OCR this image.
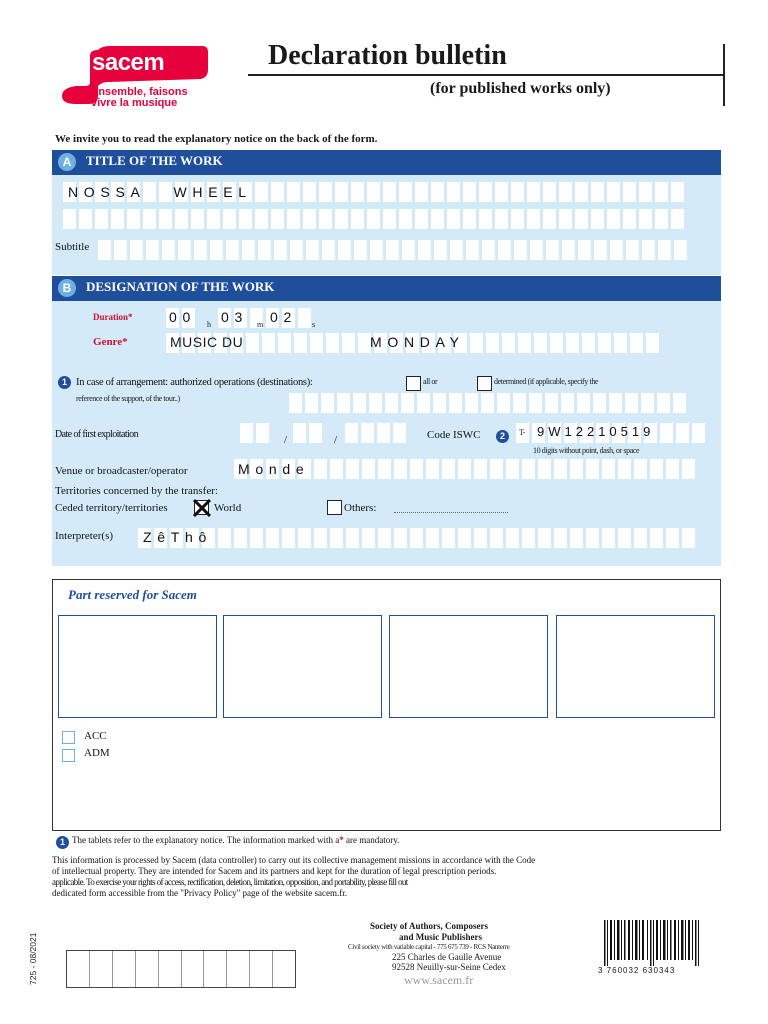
sacem
Ensemble, faisons
vivre la musique
Declaration bulletin
(for published works only)
We invite you to read the explanatory notice on the back of the form.
A	TITLE OF THE WORK
NOSSA   WHEEL
Subtitle
B	DESIGNATION OF THE WORK
Duration*	00 h 03 m 02 s
Genre*	MUSIC DU	MONDAY
1 In case of arrangement: authorized operations (destinations):	all or	determined (if applicable, specify the
reference of the support, of the tour..)
Date of first exploitation	/	/	Code ISWC	2	T- 9W12210519
10 digits without point, dash, or space
Venue or broadcaster/operator	Monde
Territories concerned by the transfer:
Ceded territory/territories	World	Others:
Interpreter(s) ZêThô
Part reserved for Sacem
ACC
ADM
1 The tablets refer to the explanatory notice. The information marked with a* are mandatory.
This information is processed by Sacem (data controller) to carry out its collective management missions in accordance with the Code
of intellectual property. They are intended for Sacem and its partners and kept for the duration of legal prescription periods.
applicable. To exercise your rights of access, rectification, deletion, limitation, opposition, and portability, please fill out
dedicated form accessible from the "Privacy Policy" page of the website sacem.fr.
725 - 08/2021
Society of Authors, Composers
and Music Publishers
Civil society with variable capital - 775 675 739 - RCS Nanterre
225 Charles de Gaulle Avenue
92528 Neuilly-sur-Seine Cedex
www.sacem.fr
3 760032 630343
